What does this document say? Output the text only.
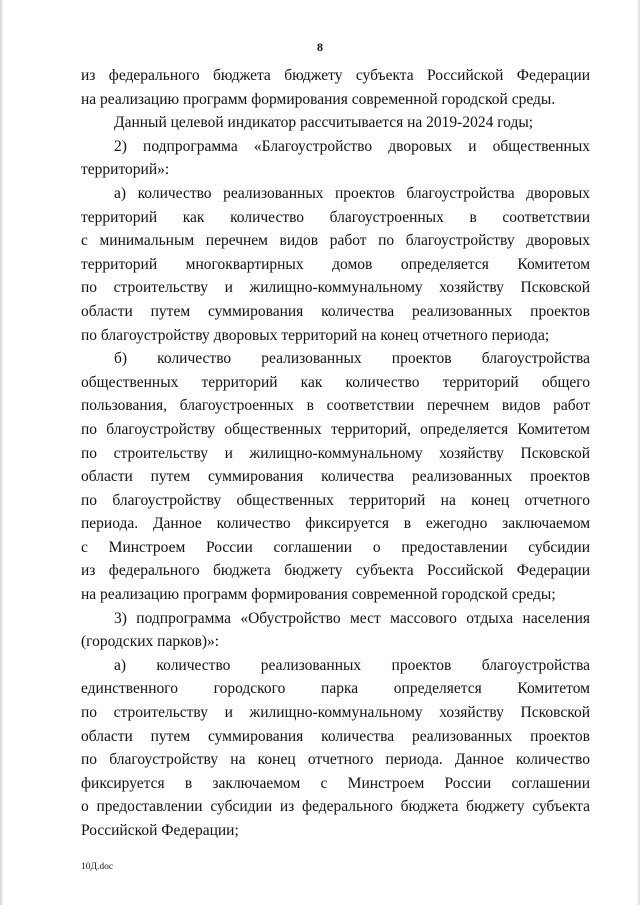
8
из федерального бюджета бюджету субъекта Российской Федерации
на реализацию программ формирования современной городской среды.
Данный целевой индикатор рассчитывается на 2019-2024 годы;
2) подпрограмма «Благоустройство дворовых и общественных
территорий»:
а) количество реализованных проектов благоустройства дворовых
территорий как количество благоустроенных в соответствии
с минимальным перечнем видов работ по благоустройству дворовых
территорий многоквартирных домов определяется Комитетом
по строительству и жилищно-коммунальному хозяйству Псковской
области путем суммирования количества реализованных проектов
по благоустройству дворовых территорий на конец отчетного периода;
б) количество реализованных проектов благоустройства
общественных территорий как количество территорий общего
пользования, благоустроенных в соответствии перечнем видов работ
по благоустройству общественных территорий, определяется Комитетом
по строительству и жилищно-коммунальному хозяйству Псковской
области путем суммирования количества реализованных проектов
по благоустройству общественных территорий на конец отчетного
периода. Данное количество фиксируется в ежегодно заключаемом
с Минстроем России соглашении о предоставлении субсидии
из федерального бюджета бюджету субъекта Российской Федерации
на реализацию программ формирования современной городской среды;
3) подпрограмма «Обустройство мест массового отдыха населения
(городских парков)»:
а) количество реализованных проектов благоустройства
единственного городского парка определяется Комитетом
по строительству и жилищно-коммунальному хозяйству Псковской
области путем суммирования количества реализованных проектов
по благоустройству на конец отчетного периода. Данное количество
фиксируется в заключаемом с Минстроем России соглашении
о предоставлении субсидии из федерального бюджета бюджету субъекта
Российской Федерации;
10Д.doc
